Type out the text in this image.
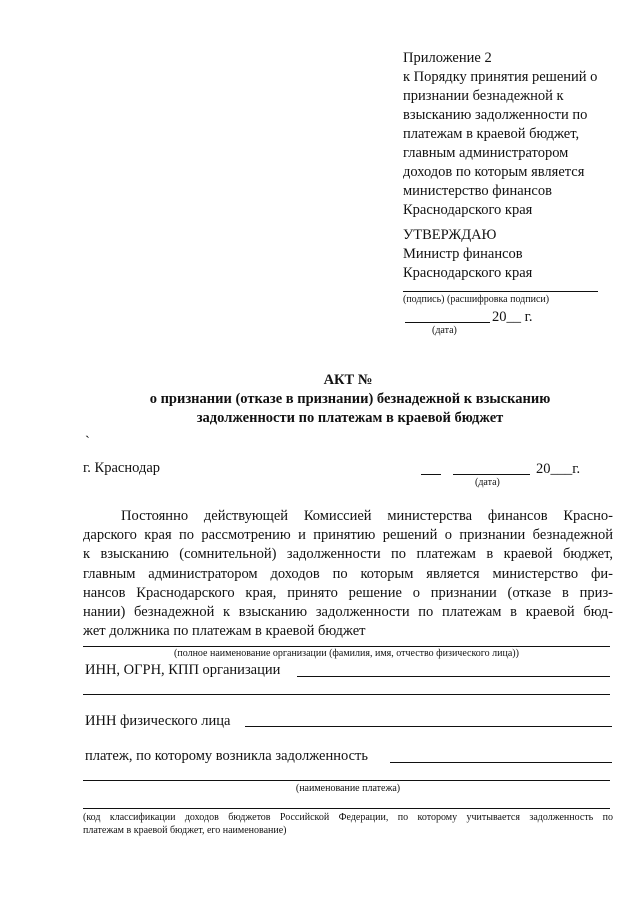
Приложение 2
к Порядку принятия решений о
признании безнадежной к
взысканию задолженности по
платежам в краевой бюджет,
главным администратором
доходов по которым является
министерство финансов
Краснодарского края
УТВЕРЖДАЮ
Министр финансов
Краснодарского края
(подпись) (расшифровка подписи)
20__ г.
(дата)
АКТ №
о признании (отказе в признании) безнадежной к взысканию
задолженности по платежам в краевой бюджет
ˋ
г. Краснодар	20___г.
(дата)
Постоянно действующей Комиссией министерства финансов Красно-
дарского края по рассмотрению и принятию решений о признании безнадежной
к взысканию (сомнительной) задолженности по платежам в краевой бюджет,
главным администратором доходов по которым является министерство фи-
нансов Краснодарского края, принято решение о признании (отказе в приз-
нании) безнадежной к взысканию задолженности по платежам в краевой бюд-
жет должника по платежам в краевой бюджет
(полное наименование организации (фамилия, имя, отчество физического лица))
ИНН, ОГРН, КПП организации
ИНН физического лица
платеж, по которому возникла задолженность
(наименование платежа)
(код классификации доходов бюджетов Российской Федерации, по которому учитывается задолженность по
платежам в краевой бюджет, его наименование)
